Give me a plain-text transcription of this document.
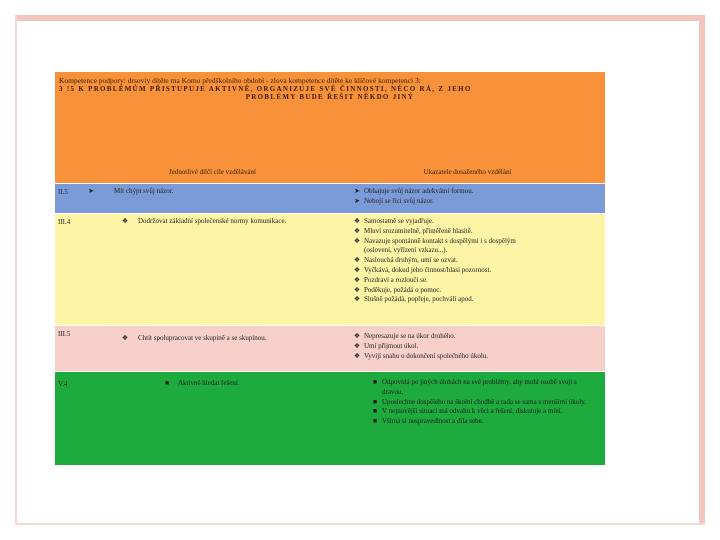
Kompetence podpory: drsoviy dítěte ma Komo předškolního období - zlova kompetence dítěte ke klíčové kompetenci 3:
3 !5 K PROBLÉMŮM PŘISTUPUJE AKTIVNĚ, ORGANIZUJE SVÉ ČINNOSTI, NĚCO RÁ, Z JEHO
PROBLÉMY BUDE ŘEŠIT NĚKDO JINÝ
Jednotlivé dílčí cíle vzdělávání	Ukazatele dosaženého vzdělání
II.5	➤	Mít chýpt svůj názor.	➤ Obhajuje svůj názor adekvátní formou.
➤ Nebojí se říci svůj názor.
III.4	❖	Dodržovat základní společenské normy komunikace.	❖ Samostatně se vyjadřuje.
❖ Mluví srozumitelně, přiměřeně hlasitě.
❖ Navazuje spontánně kontakt s dospělými i s dospělým
(oslovení, vyřízení vzkazu...).
❖ Naslouchá druhým, umí se ozvat.
❖ Vyčkává, dokud jeho činnost/hlasi pozornost.
❖ Pozdraví a rozloučí se.
❖ Poděkuje, požádá o pomoc.
❖ Slušně požádá, popřeje, pochválí apod.
III.5	❖	Chtít spolupracovat ve skupině a se skupinou.	❖ Nepresazuje se na úkor druhého.
❖ Umí přijmout úkol.
❖ Vyvíjí snahu o dokončení společného úkolu.
V.4	■	Aktivně hledat řešení.	■ Odpovídá po jiných úlohách na své problémy, aby mohl osobě svoji s dravou.
■ Uposlechne dospělého na školní chodbě a rada se sama s menšími úkoly.
■ V nejnovější situaci má odvahu k věci a řešení, diskutuje a míní.
■ Všímá si nespravedlnost a díla sebe.
